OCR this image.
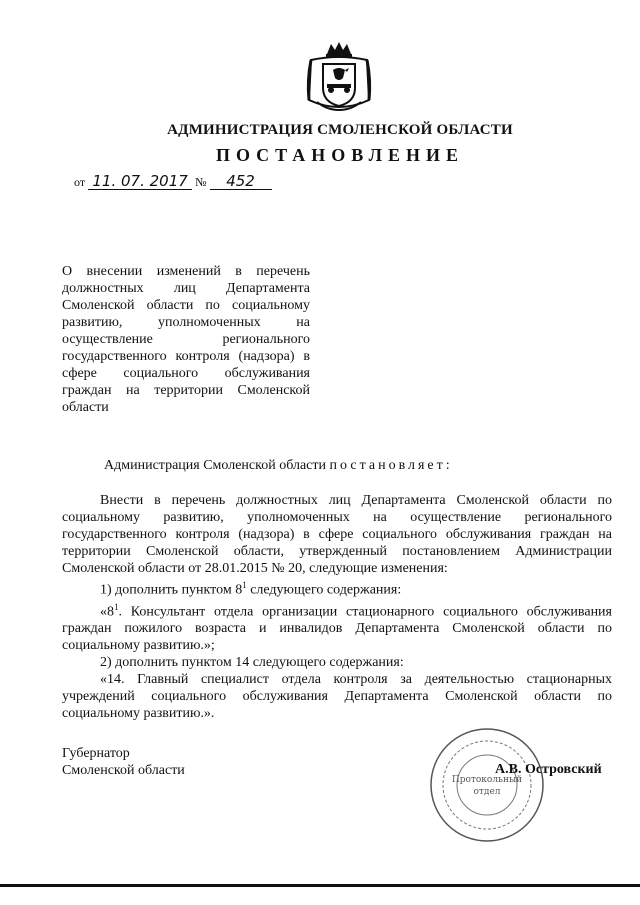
АДМИНИСТРАЦИЯ СМОЛЕНСКОЙ ОБЛАСТИ
ПОСТАНОВЛЕНИЕ
от 11. 07. 2017 № 452
О внесении изменений в перечень должностных лиц Департамента Смоленской области по социальному развитию, уполномоченных на осуществление регионального государственного контроля (надзора) в сфере социального обслуживания граждан на территории Смоленской области
Администрация Смоленской области постановляет:

Внести в перечень должностных лиц Департамента Смоленской области по социальному развитию, уполномоченных на осуществление регионального государственного контроля (надзора) в сфере социального обслуживания граждан на территории Смоленской области, утвержденный постановлением Администрации Смоленской области от 28.01.2015 № 20, следующие изменения:

1) дополнить пунктом $8^1$ следующего содержания:

«$8^1$. Консультант отдела организации стационарного социального обслуживания граждан пожилого возраста и инвалидов Департамента Смоленской области по социальному развитию.»;

2) дополнить пунктом 14 следующего содержания:

«14. Главный специалист отдела контроля за деятельностью стационарных учреждений социального обслуживания Департамента Смоленской области по социальному развитию.».

Губернатор
Смоленской области
Протокольный
отдел
А.В. Островский
